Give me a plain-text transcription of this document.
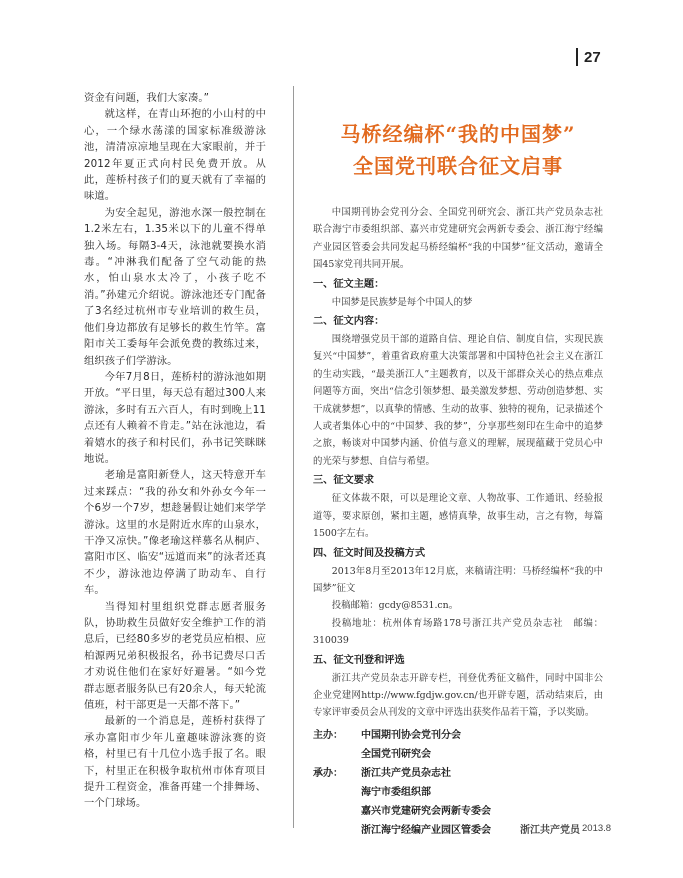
27

资金有问题，我们大家凑。”

就这样，在青山环抱的小山村的中心，一个绿水荡漾的国家标准级游泳池，清清凉凉地呈现在大家眼前，并于2012年夏正式向村民免费开放。从此，莲桥村孩子们的夏天就有了幸福的味道。

为安全起见，游池水深一般控制在1.2米左右，1.35米以下的儿童不得单独入场。每隔3-4天，泳池就要换水消毒。“冲淋我们配备了空气动能的热水，怕山泉水太冷了，小孩子吃不消。”孙建元介绍说。游泳池还专门配备了3名经过杭州市专业培训的救生员，他们身边都放有足够长的救生竹竿。富阳市关工委每年会派免费的教练过来，组织孩子们学游泳。

今年7月8日，莲桥村的游泳池如期开放。“平日里，每天总有超过300人来游泳，多时有五六百人，有时到晚上11点还有人赖着不肯走。”站在泳池边，看着嬉水的孩子和村民们，孙书记笑眯眯地说。

老瑜是富阳新登人，这天特意开车过来踩点：“我的孙女和外孙女今年一个6岁一个7岁，想趁暑假让她们来学学游泳。这里的水是附近水库的山泉水，干净又凉快。”像老瑜这样慕名从桐庐、富阳市区、临安“远道而来”的泳者还真不少，游泳池边停满了助动车、自行车。

当得知村里组织党群志愿者服务队，协助救生员做好安全维护工作的消息后，已经80多岁的老党员应柏根、应柏源两兄弟积极报名，孙书记费尽口舌才劝说住他们在家好好避暑。“如今党群志愿者服务队已有20余人，每天轮流值班，村干部更是一天都不落下。”

最新的一个消息是，莲桥村获得了承办富阳市少年儿童趣味游泳赛的资格，村里已有十几位小选手报了名。眼下，村里正在积极争取杭州市体育项目提升工程资金，准备再建一个排舞场、一个门球场。

马桥经编杯“我的中国梦”
全国党刊联合征文启事

中国期刊协会党刊分会、全国党刊研究会、浙江共产党员杂志社联合海宁市委组织部、嘉兴市党建研究会两新专委会、浙江海宁经编产业园区管委会共同发起马桥经编杯“我的中国梦”征文活动，邀请全国45家党刊共同开展。

一、征文主题：

中国梦是民族梦是每个中国人的梦

二、征文内容：

围绕增强党员干部的道路自信、理论自信、制度自信，实现民族复兴“中国梦”，着重省政府重大决策部署和中国特色社会主义在浙江的生动实践，“最美浙江人”主题教育，以及干部群众关心的热点难点问题等方面，突出“信念引领梦想、最美激发梦想、劳动创造梦想、实干成就梦想”，以真挚的情感、生动的故事、独特的视角，记录描述个人或者集体心中的“中国梦、我的梦”，分享那些刻印在生命中的追梦之旅，畅谈对中国梦内涵、价值与意义的理解，展现蕴藏于党员心中的光荣与梦想、自信与希望。

三、征文要求

征文体裁不限，可以是理论文章、人物故事、工作通讯、经验报道等，要求原创，紧扣主题，感情真挚，故事生动，言之有物，每篇1500字左右。

四、征文时间及投稿方式

2013年8月至2013年12月底，来稿请注明：马桥经编杯“我的中国梦”征文

投稿邮箱：gcdy@8531.cn。

投稿地址：杭州体育场路178号浙江共产党员杂志社　邮编：310039

五、征文刊登和评选

浙江共产党员杂志开辟专栏，刊登优秀征文稿件，同时中国非公企业党建网http://www.fgdjw.gov.cn/也开辟专题，活动结束后，由专家评审委员会从刊发的文章中评选出获奖作品若干篇，予以奖励。

主办：	中国期刊协会党刊分会
全国党刊研究会
承办：	浙江共产党员杂志社
海宁市委组织部
嘉兴市党建研究会两新专委会
浙江海宁经编产业园区管委会	浙江共产党员 2013.8
